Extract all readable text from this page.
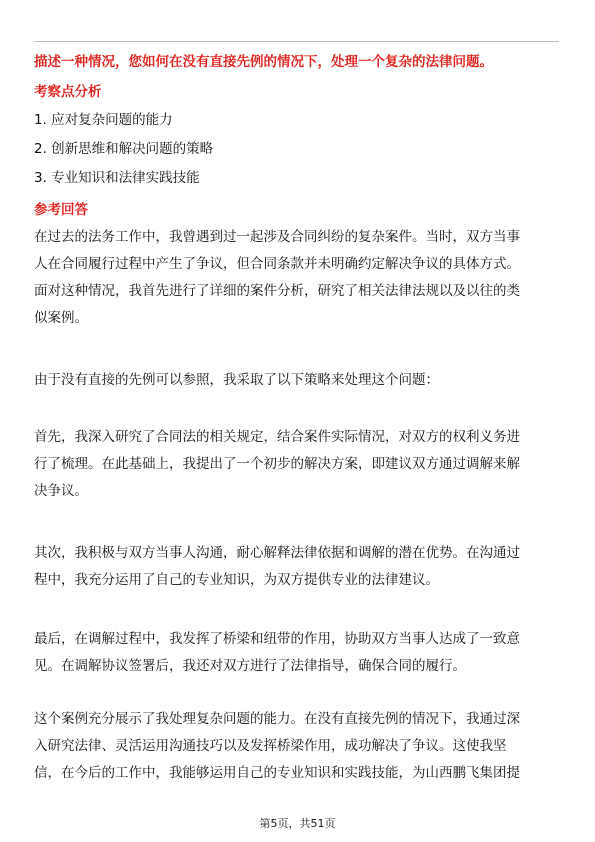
描述一种情况，您如何在没有直接先例的情况下，处理一个复杂的法律问题。
考察点分析
1. 应对复杂问题的能力
2. 创新思维和解决问题的策略
3. 专业知识和法律实践技能
参考回答
在过去的法务工作中，我曾遇到过一起涉及合同纠纷的复杂案件。当时，双方当事
人在合同履行过程中产生了争议，但合同条款并未明确约定解决争议的具体方式。
面对这种情况，我首先进行了详细的案件分析，研究了相关法律法规以及以往的类
似案例。
由于没有直接的先例可以参照，我采取了以下策略来处理这个问题：
首先，我深入研究了合同法的相关规定，结合案件实际情况，对双方的权利义务进
行了梳理。在此基础上，我提出了一个初步的解决方案，即建议双方通过调解来解
决争议。
其次，我积极与双方当事人沟通，耐心解释法律依据和调解的潜在优势。在沟通过
程中，我充分运用了自己的专业知识，为双方提供专业的法律建议。
最后，在调解过程中，我发挥了桥梁和纽带的作用，协助双方当事人达成了一致意
见。在调解协议签署后，我还对双方进行了法律指导，确保合同的履行。
这个案例充分展示了我处理复杂问题的能力。在没有直接先例的情况下，我通过深
入研究法律、灵活运用沟通技巧以及发挥桥梁作用，成功解决了争议。这使我坚
信，在今后的工作中，我能够运用自己的专业知识和实践技能，为山西鹏飞集团提
第5页，共51页
